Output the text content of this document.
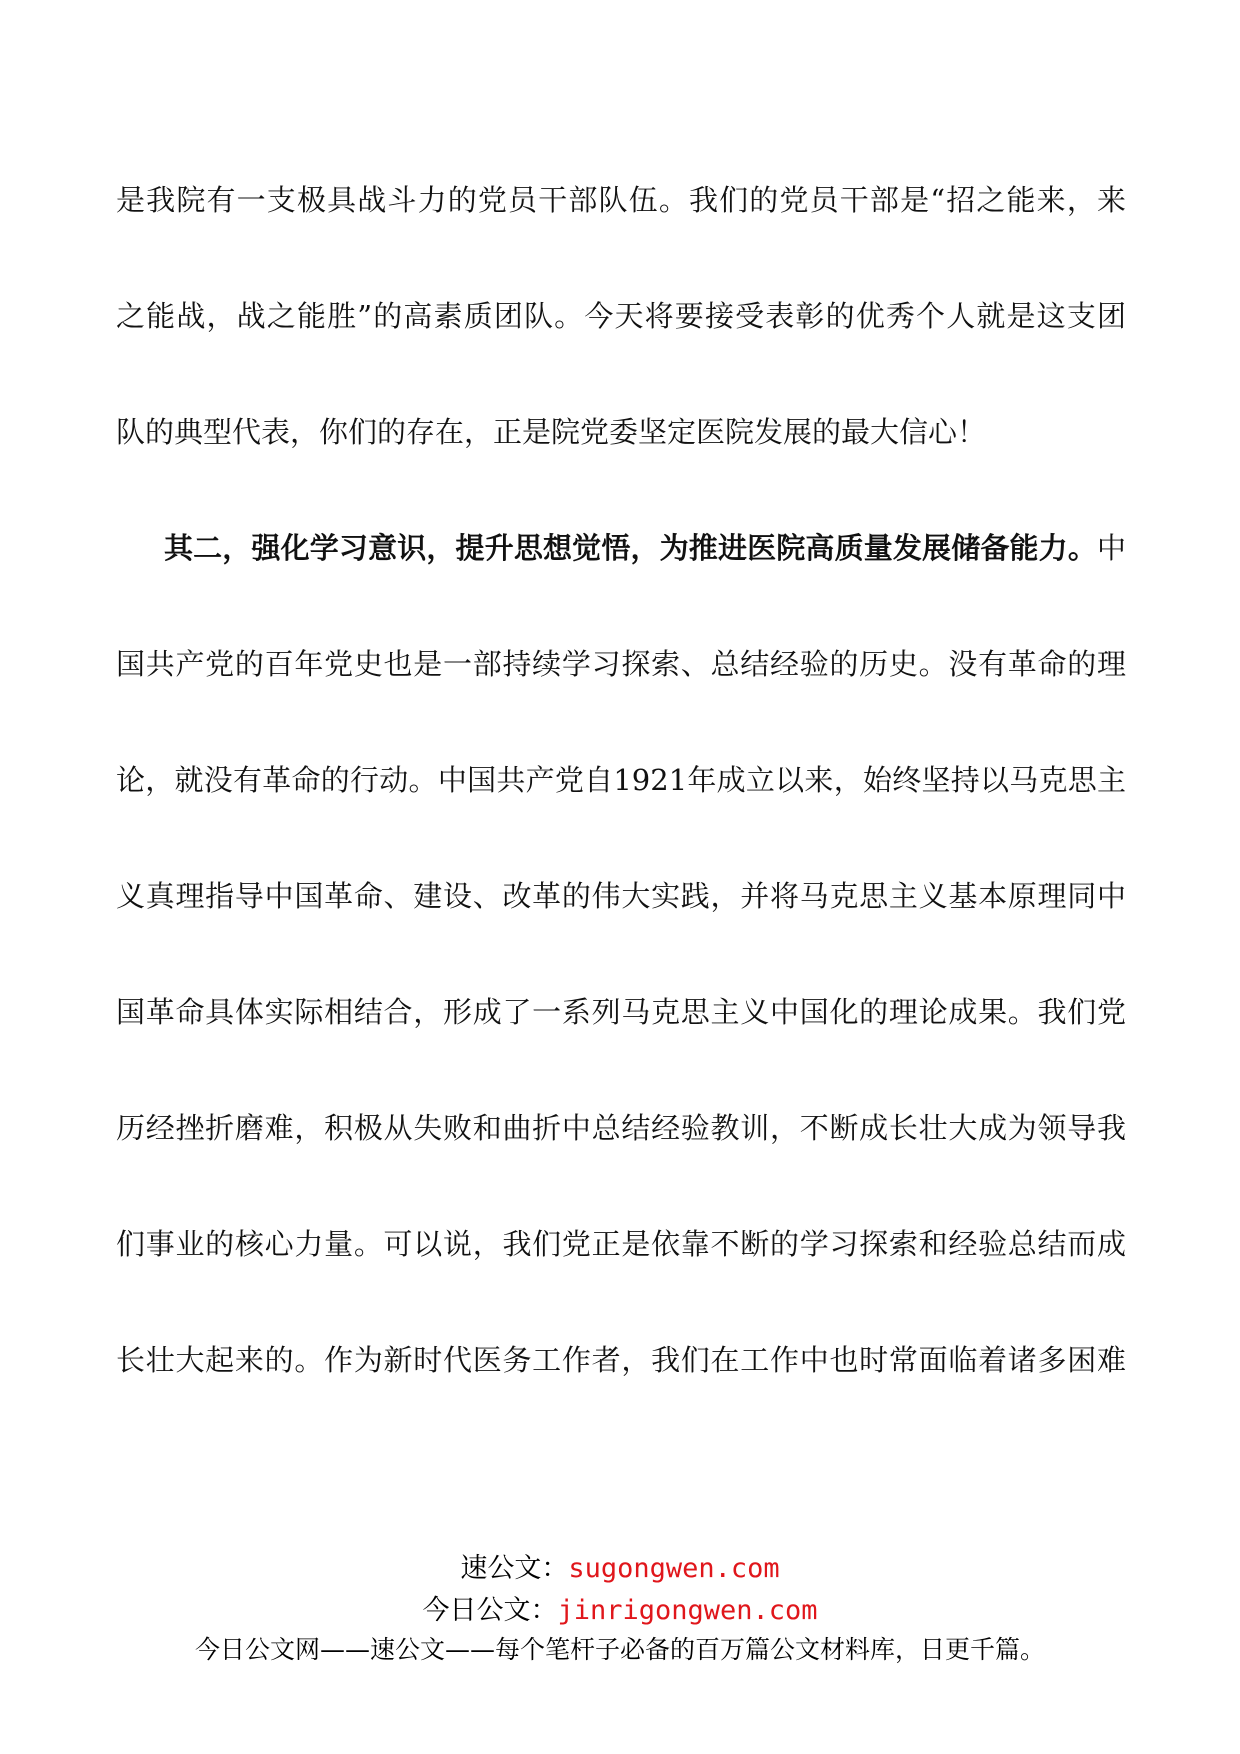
是我院有一支极具战斗力的党员干部队伍。我们的党员干部是“招之能来，来
之能战，战之能胜”的高素质团队。今天将要接受表彰的优秀个人就是这支团
队的典型代表，你们的存在，正是院党委坚定医院发展的最大信心！
其二，强化学习意识，提升思想觉悟，为推进医院高质量发展储备能力。中
国共产党的百年党史也是一部持续学习探索、总结经验的历史。没有革命的理
论，就没有革命的行动。中国共产党自1921年成立以来，始终坚持以马克思主
义真理指导中国革命、建设、改革的伟大实践，并将马克思主义基本原理同中
国革命具体实际相结合，形成了一系列马克思主义中国化的理论成果。我们党
历经挫折磨难，积极从失败和曲折中总结经验教训，不断成长壮大成为领导我
们事业的核心力量。可以说，我们党正是依靠不断的学习探索和经验总结而成
长壮大起来的。作为新时代医务工作者，我们在工作中也时常面临着诸多困难
速公文：sugongwen.com
今日公文：jinrigongwen.com
今日公文网——速公文——每个笔杆子必备的百万篇公文材料库，日更千篇。
